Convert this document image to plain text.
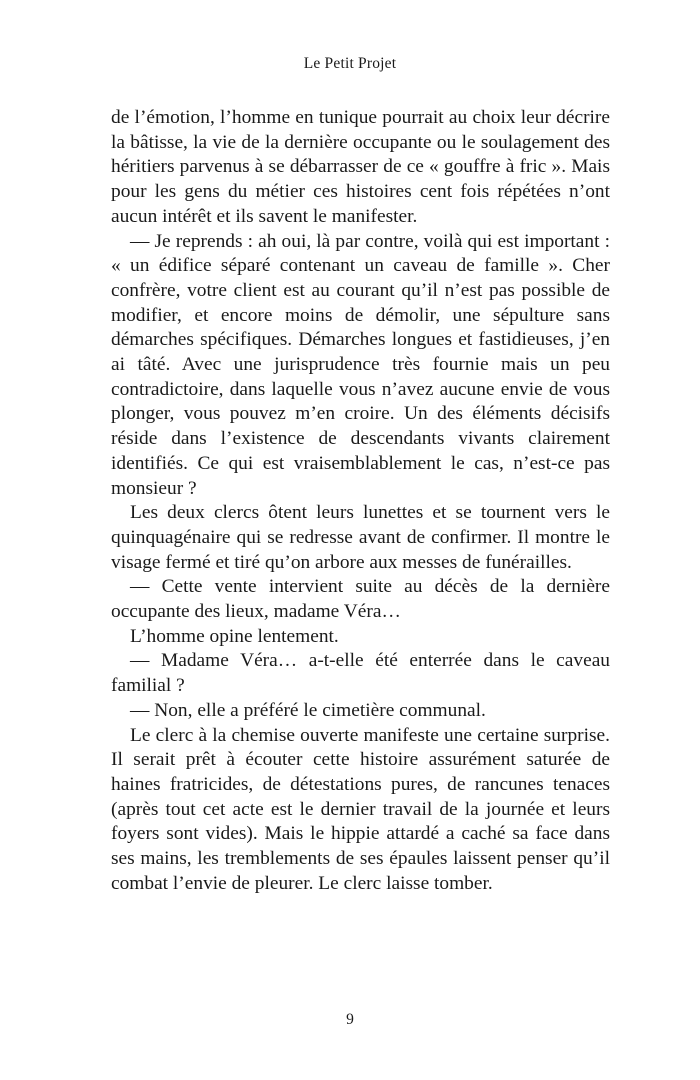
Le Petit Projet

de l’émotion, l’homme en tunique pourrait au choix leur décrire la bâtisse, la vie de la dernière occupante ou le soulagement des héritiers parvenus à se débarrasser de ce « gouffre à fric ». Mais pour les gens du métier ces histoires cent fois répétées n’ont aucun intérêt et ils savent le manifester.

— Je reprends : ah oui, là par contre, voilà qui est important : « un édifice séparé contenant un caveau de famille ». Cher confrère, votre client est au courant qu’il n’est pas possible de modifier, et encore moins de démolir, une sépulture sans démarches spécifiques. Démarches longues et fastidieuses, j’en ai tâté. Avec une jurisprudence très fournie mais un peu contradictoire, dans laquelle vous n’avez aucune envie de vous plonger, vous pouvez m’en croire. Un des éléments décisifs réside dans l’existence de descendants vivants clairement identifiés. Ce qui est vraisemblablement le cas, n’est-ce pas monsieur ?

Les deux clercs ôtent leurs lunettes et se tournent vers le quinquagénaire qui se redresse avant de confirmer. Il montre le visage fermé et tiré qu’on arbore aux messes de funérailles.

— Cette vente intervient suite au décès de la dernière occupante des lieux, madame Véra…

L’homme opine lentement.

— Madame Véra… a-t-elle été enterrée dans le caveau familial ?

— Non, elle a préféré le cimetière communal.

Le clerc à la chemise ouverte manifeste une certaine surprise. Il serait prêt à écouter cette histoire assurément saturée de haines fratricides, de détestations pures, de rancunes tenaces (après tout cet acte est le dernier travail de la journée et leurs foyers sont vides). Mais le hippie attardé a caché sa face dans ses mains, les tremblements de ses épaules laissent penser qu’il combat l’envie de pleurer. Le clerc laisse tomber.

9
